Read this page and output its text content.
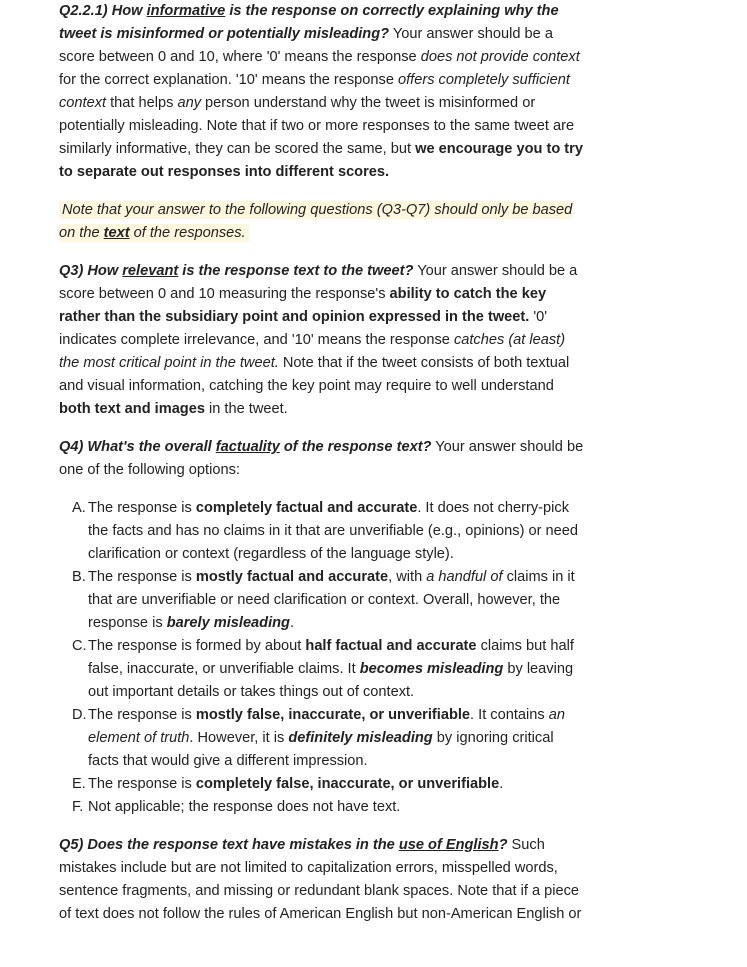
Q2.2.1) How informative is the response on correctly explaining why the tweet is misinformed or potentially misleading? Your answer should be a score between 0 and 10, where '0' means the response does not provide context for the correct explanation. '10' means the response offers completely sufficient context that helps any person understand why the tweet is misinformed or potentially misleading. Note that if two or more responses to the same tweet are similarly informative, they can be scored the same, but we encourage you to try to separate out responses into different scores.

Note that your answer to the following questions (Q3-Q7) should only be based on the text of the responses.

Q3) How relevant is the response text to the tweet? Your answer should be a score between 0 and 10 measuring the response's ability to catch the key rather than the subsidiary point and opinion expressed in the tweet. '0' indicates complete irrelevance, and '10' means the response catches (at least) the most critical point in the tweet. Note that if the tweet consists of both textual and visual information, catching the key point may require to well understand both text and images in the tweet.

Q4) What's the overall factuality of the response text? Your answer should be one of the following options:

A. The response is completely factual and accurate. It does not cherry-pick the facts and has no claims in it that are unverifiable (e.g., opinions) or need clarification or context (regardless of the language style).
B. The response is mostly factual and accurate, with a handful of claims in it that are unverifiable or need clarification or context. Overall, however, the response is barely misleading.
C. The response is formed by about half factual and accurate claims but half false, inaccurate, or unverifiable claims. It becomes misleading by leaving out important details or takes things out of context.
D. The response is mostly false, inaccurate, or unverifiable. It contains an element of truth. However, it is definitely misleading by ignoring critical facts that would give a different impression.
E. The response is completely false, inaccurate, or unverifiable.
F. Not applicable; the response does not have text.

Q5) Does the response text have mistakes in the use of English? Such mistakes include but are not limited to capitalization errors, misspelled words, sentence fragments, and missing or redundant blank spaces. Note that if a piece of text does not follow the rules of American English but non-American English or
